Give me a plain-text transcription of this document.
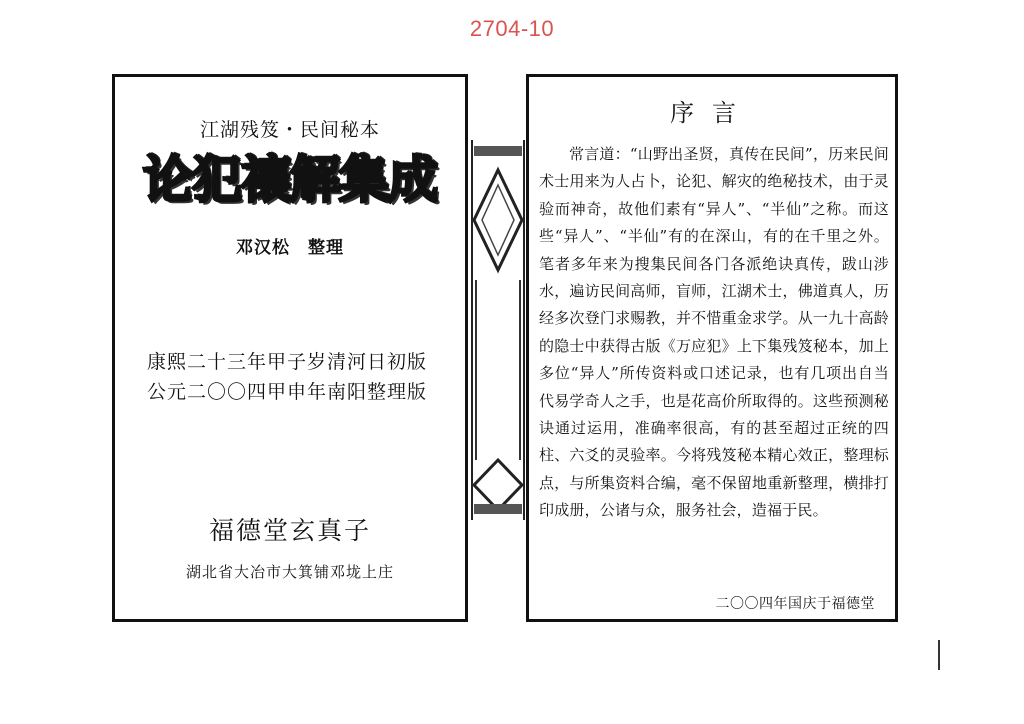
2704-10
江湖残笈・民间秘本
论犯禳解集成
邓汉松 整理
康熙二十三年甲子岁清河日初版
公元二〇〇四甲申年南阳整理版
福德堂玄真子
湖北省大冶市大箕铺邓垅上庄
序言
常言道：“山野出圣贤，真传在民间”，历来民间术士用来为人占卜，论犯、解灾的绝秘技术，由于灵验而神奇，故他们素有“异人”、“半仙”之称。而这些“异人”、“半仙”有的在深山，有的在千里之外。笔者多年来为搜集民间各门各派绝诀真传，跋山涉水，遍访民间高师，盲师，江湖术士，佛道真人，历经多次登门求赐教，并不惜重金求学。从一九十高龄的隐士中获得古版《万应犯》上下集残笈秘本，加上多位“异人”所传资料或口述记录，也有几项出自当代易学奇人之手，也是花高价所取得的。这些预测秘诀通过运用，准确率很高，有的甚至超过正统的四柱、六爻的灵验率。今将残笈秘本精心效正，整理标点，与所集资料合编，毫不保留地重新整理，横排打印成册，公诸与众，服务社会，造福于民。
二〇〇四年国庆于福德堂
